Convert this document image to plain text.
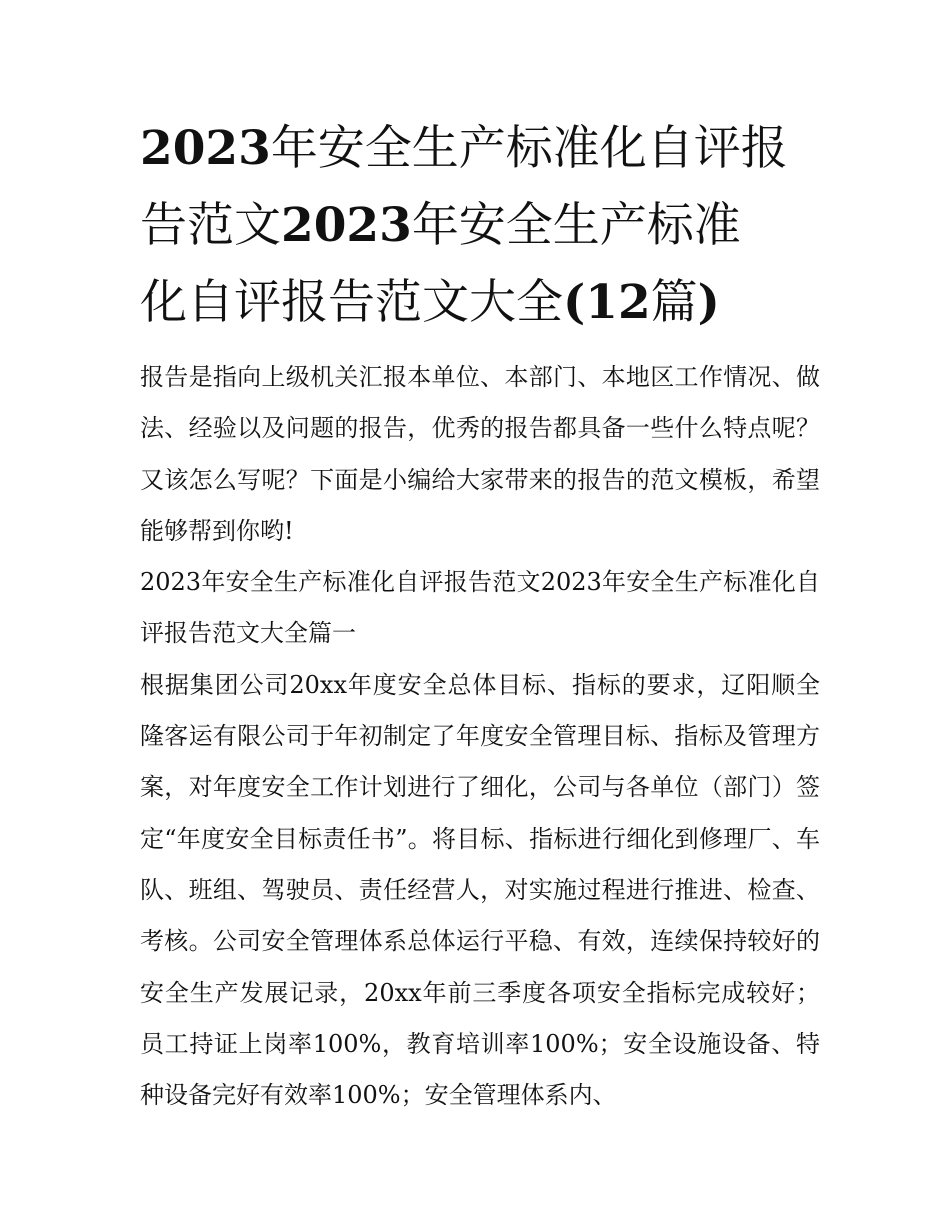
2023年安全生产标准化自评报
告范文2023年安全生产标准
化自评报告范文大全(12篇)

报告是指向上级机关汇报本单位、本部门、本地区工作情况、做法、经验以及问题的报告，优秀的报告都具备一些什么特点呢？又该怎么写呢？下面是小编给大家带来的报告的范文模板，希望能够帮到你哟!

2023年安全生产标准化自评报告范文2023年安全生产标准化自评报告范文大全篇一

根据集团公司20xx年度安全总体目标、指标的要求，辽阳顺全隆客运有限公司于年初制定了年度安全管理目标、指标及管理方案，对年度安全工作计划进行了细化，公司与各单位（部门）签定“年度安全目标责任书”。将目标、指标进行细化到修理厂、车队、班组、驾驶员、责任经营人，对实施过程进行推进、检查、考核。公司安全管理体系总体运行平稳、有效，连续保持较好的安全生产发展记录，20xx年前三季度各项安全指标完成较好；员工持证上岗率100%，教育培训率100%；安全设施设备、特种设备完好有效率100%；安全管理体系内、
